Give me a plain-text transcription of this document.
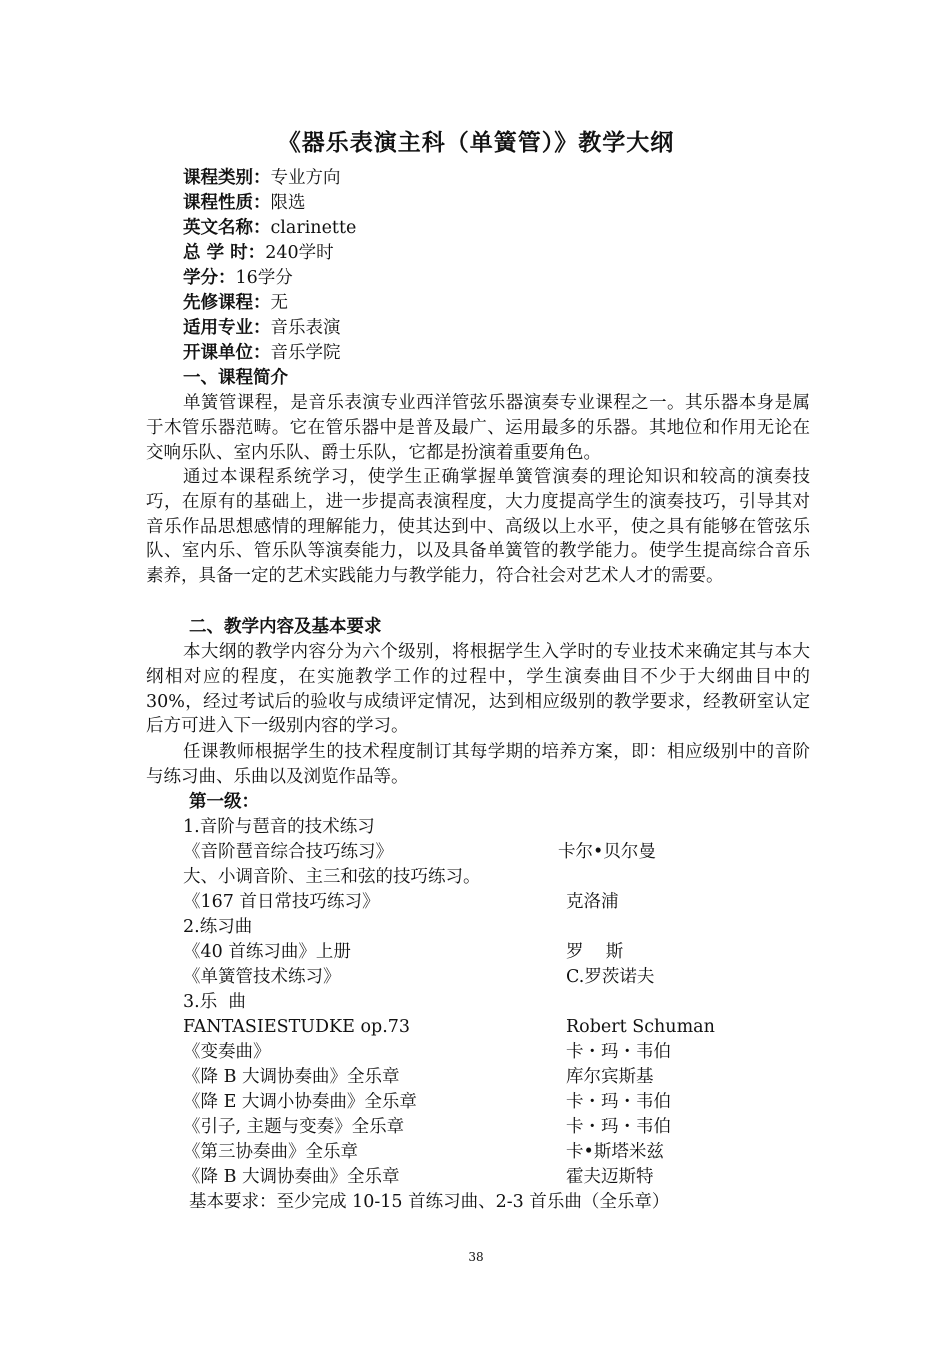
《器乐表演主科（单簧管）》教学大纲
课程类别：专业方向
课程性质：限选
英文名称：clarinette
总 学 时：240学时
学分：16学分
先修课程：无
适用专业：音乐表演
开课单位：音乐学院
一、课程简介
单簧管课程，是音乐表演专业西洋管弦乐器演奏专业课程之一。其乐器本身是属于木管乐器范畴。它在管乐器中是普及最广、运用最多的乐器。其地位和作用无论在交响乐队、室内乐队、爵士乐队，它都是扮演着重要角色。
通过本课程系统学习，使学生正确掌握单簧管演奏的理论知识和较高的演奏技巧，在原有的基础上，进一步提高表演程度，大力度提高学生的演奏技巧，引导其对音乐作品思想感情的理解能力，使其达到中、高级以上水平，使之具有能够在管弦乐队、室内乐、管乐队等演奏能力，以及具备单簧管的教学能力。使学生提高综合音乐素养，具备一定的艺术实践能力与教学能力，符合社会对艺术人才的需要。
二、教学内容及基本要求
本大纲的教学内容分为六个级别，将根据学生入学时的专业技术来确定其与本大纲相对应的程度，在实施教学工作的过程中，学生演奏曲目不少于大纲曲目中的 30%，经过考试后的验收与成绩评定情况，达到相应级别的教学要求，经教研室认定后方可进入下一级别内容的学习。
任课教师根据学生的技术程度制订其每学期的培养方案，即：相应级别中的音阶与练习曲、乐曲以及浏览作品等。
第一级：
1.音阶与琶音的技术练习
《音阶琶音综合技巧练习》	卡尔•贝尔曼
大、小调音阶、主三和弦的技巧练习。
《167 首日常技巧练习》	克洛浦
2.练习曲
《40 首练习曲》上册	罗    斯
《单簧管技术练习》	C.罗茨诺夫
3.乐  曲
FANTASIESTUDKE op.73	Robert Schuman
《变奏曲》	卡・玛・韦伯
《降 B 大调协奏曲》全乐章	库尔宾斯基
《降 E 大调小协奏曲》全乐章	卡・玛・韦伯
《引子, 主题与变奏》全乐章	卡・玛・韦伯
《第三协奏曲》全乐章	卡•斯塔米兹
《降 B 大调协奏曲》全乐章	霍夫迈斯特
基本要求：至少完成 10-15 首练习曲、2-3 首乐曲（全乐章）
38
